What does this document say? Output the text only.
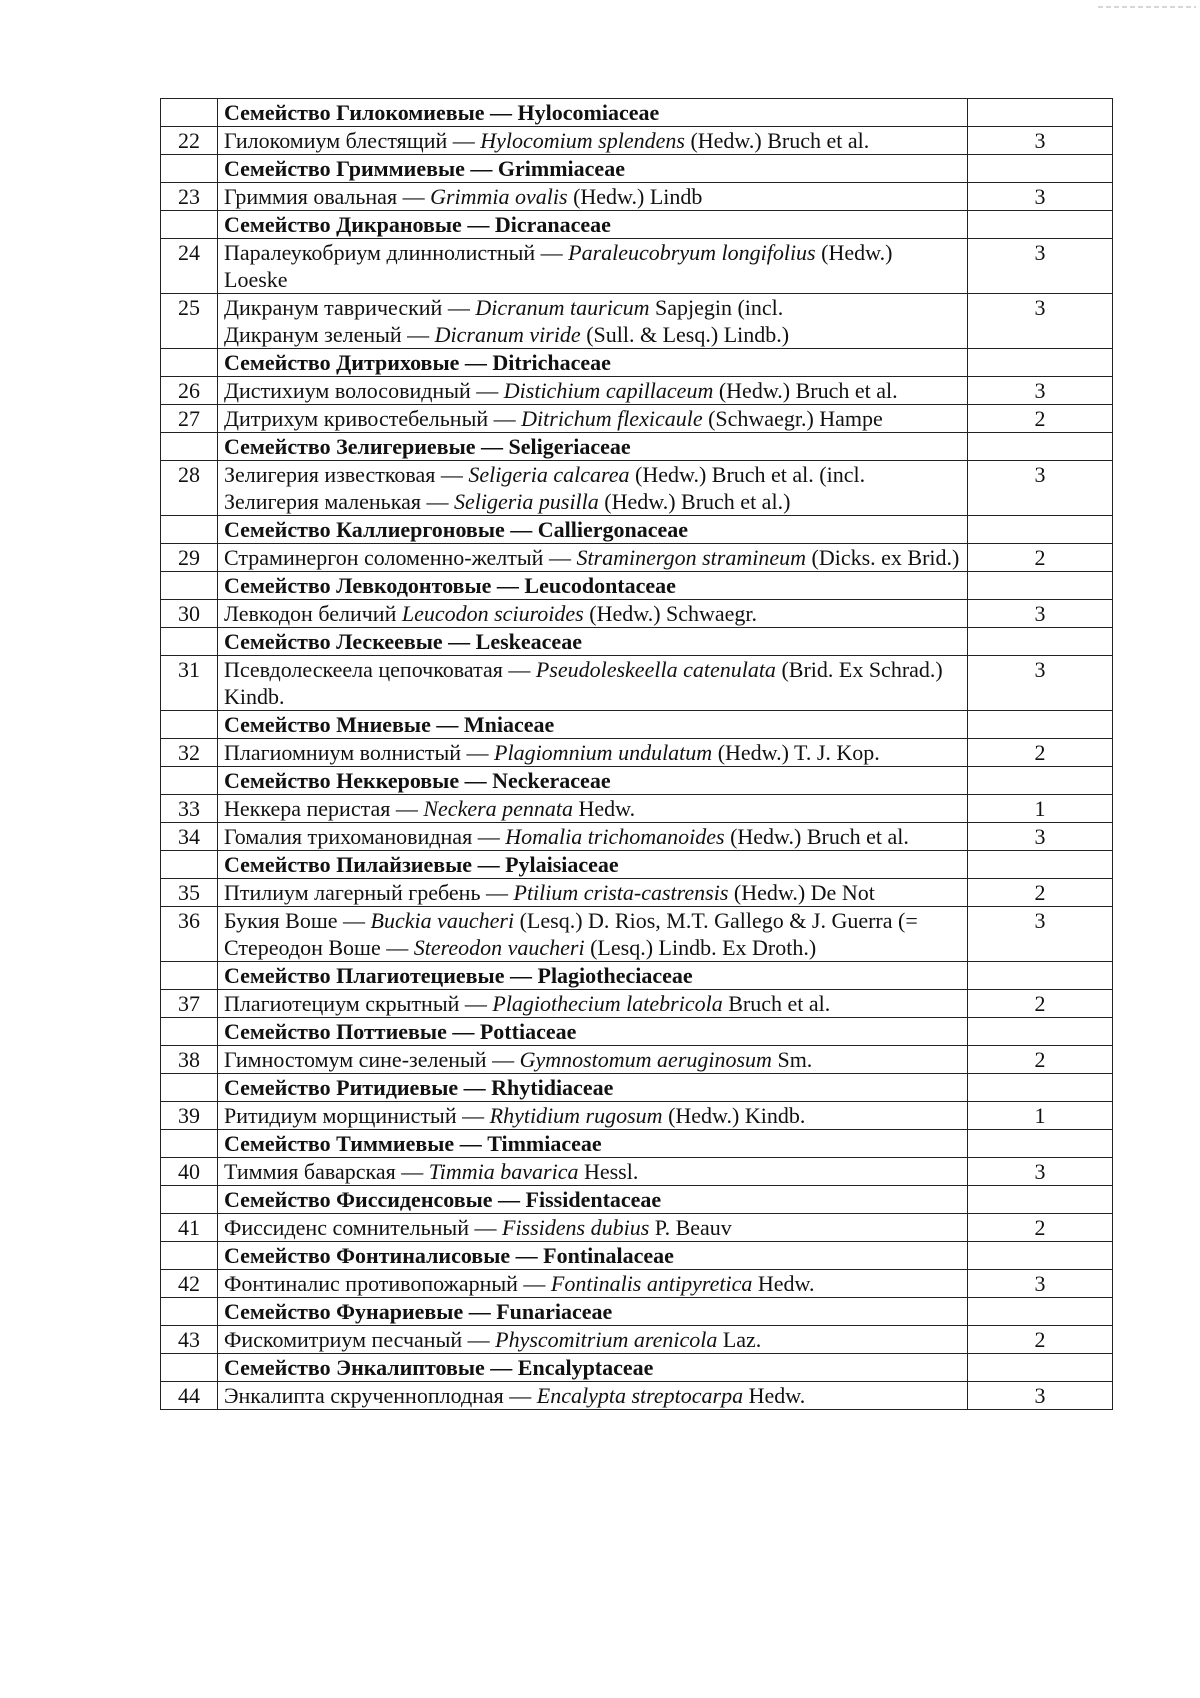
	Семейство Гилокомиевые — Hylocomiaceae	
22	Гилокомиум блестящий — Hylocomium splendens (Hedw.) Bruch et al.	3
	Семейство Гриммиевые — Grimmiaceae	
23	Гриммия овальная — Grimmia ovalis (Hedw.) Lindb	3
	Семейство Дикрановые — Dicranaceae	
24	Паралеукобриум длиннолистный — Paraleucobryum longifolius (Hedw.) Loeske	3
25	Дикранум таврический — Dicranum tauricum Sapjegin (incl.
Дикранум зеленый — Dicranum viride (Sull. & Lesq.) Lindb.)	3
	Семейство Дитриховые — Ditrichaceae	
26	Дистихиум волосовидный — Distichium capillaceum (Hedw.) Bruch et al.	3
27	Дитрихум кривостебельный — Ditrichum flexicaule (Schwaegr.) Hampe	2
	Семейство Зелигериевые — Seligeriaceae	
28	Зелигерия известковая — Seligeria calcarea (Hedw.) Bruch et al. (incl.
Зелигерия маленькая — Seligeria pusilla (Hedw.) Bruch et al.)	3
	Семейство Каллиергоновые — Calliergonaceae	
29	Страминергон соломенно-желтый — Straminergon stramineum (Dicks. ex Brid.)	2
	Семейство Левкодонтовые — Leucodontaceae	
30	Левкодон беличий Leucodon sciuroides (Hedw.) Schwaegr.	3
	Семейство Лескеевые — Leskeaceae	
31	Псевдолескеела цепочковатая — Pseudoleskeella catenulata (Brid. Ex Schrad.) Kindb.	3
	Семейство Мниевые — Mniaceae	
32	Плагиомниум волнистый — Plagiomnium undulatum (Hedw.) T. J. Kop.	2
	Семейство Неккеровые — Neckeraceae	
33	Неккера перистая — Neckera pennata Hedw.	1
34	Гомалия трихомановидная — Homalia trichomanoides (Hedw.) Bruch et al.	3
	Семейство Пилайзиевые — Pylaisiaceae	
35	Птилиум лагерный гребень — Ptilium crista-castrensis (Hedw.) De Not	2
36	Букия Воше — Buckia vaucheri (Lesq.) D. Rios, M.T. Gallego & J. Guerra (=
Стереодон Воше — Stereodon vaucheri (Lesq.) Lindb. Ex Droth.)	3
	Семейство Плагиотециевые — Plagiotheciaceae	
37	Плагиотециум скрытный — Plagiothecium latebricola Bruch et al.	2
	Семейство Поттиевые — Pottiaceae	
38	Гимностомум сине-зеленый — Gymnostomum aeruginosum Sm.	2
	Семейство Ритидиевые — Rhytidiaceae	
39	Ритидиум морщинистый — Rhytidium rugosum (Hedw.) Kindb.	1
	Семейство Тиммиевые — Timmiaceae	
40	Тиммия баварская — Timmia bavarica Hessl.	3
	Семейство Фиссиденсовые — Fissidentaceae	
41	Фиссиденс сомнительный — Fissidens dubius P. Beauv	2
	Семейство Фонтиналисовые — Fontinalaceae	
42	Фонтиналис противопожарный — Fontinalis antipyretica Hedw.	3
	Семейство Фунариевые — Funariaceae	
43	Фискомитриум песчаный — Physcomitrium arenicola Laz.	2
	Семейство Энкалиптовые — Encalyptaceae	
44	Энкалипта скрученноплодная — Encalypta streptocarpa Hedw.	3
